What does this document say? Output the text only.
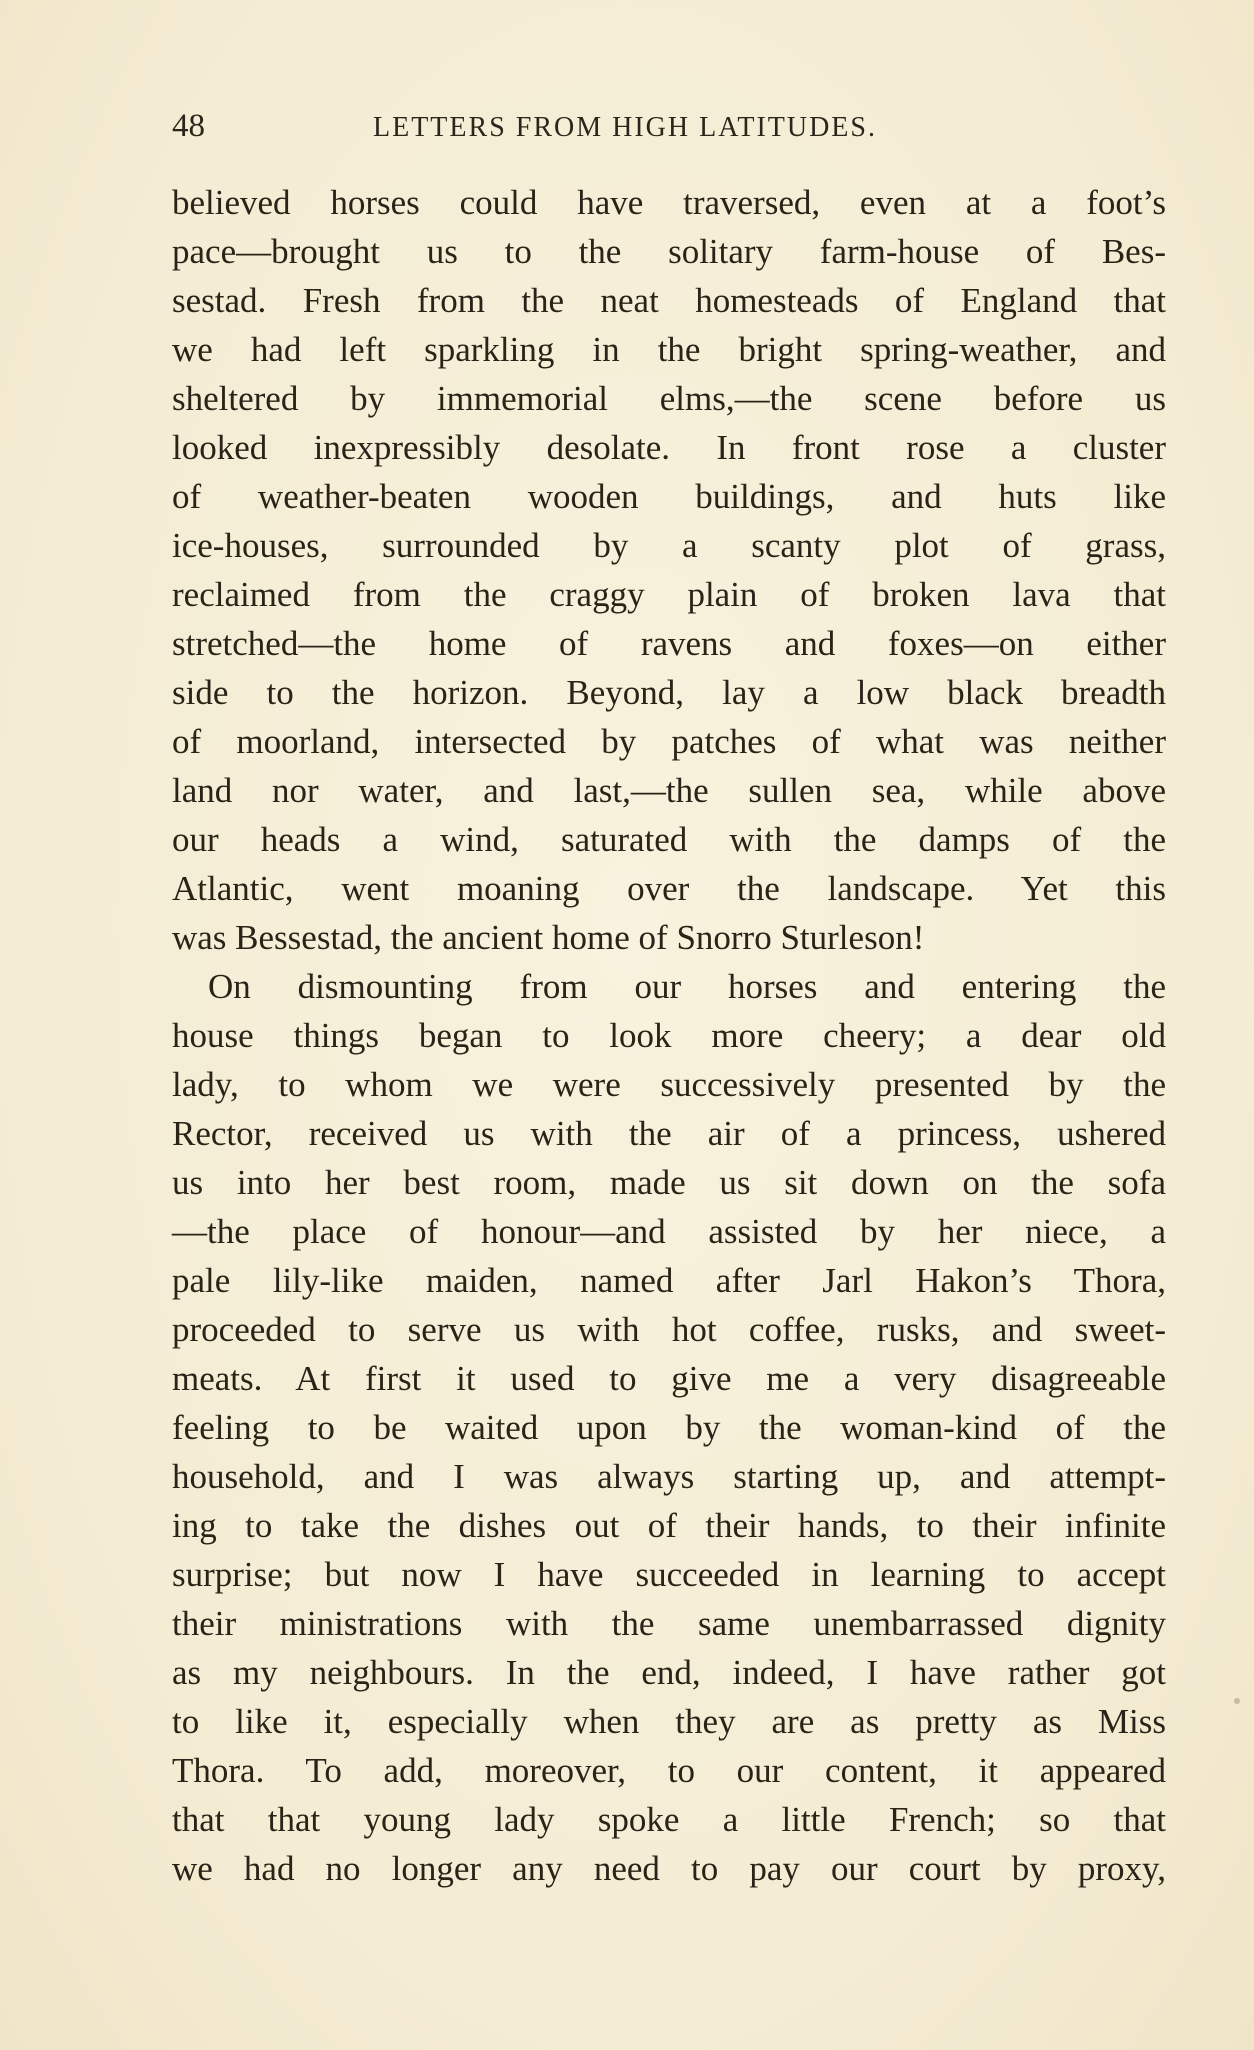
48	LETTERS FROM HIGH LATITUDES.
believed horses could have traversed, even at a foot’s
pace—brought us to the solitary farm-house of Bes-
sestad. Fresh from the neat homesteads of England that
we had left sparkling in the bright spring-weather, and
sheltered by immemorial elms,—the scene before us
looked inexpressibly desolate. In front rose a cluster
of weather-beaten wooden buildings, and huts like
ice-houses, surrounded by a scanty plot of grass,
reclaimed from the craggy plain of broken lava that
stretched—the home of ravens and foxes—on either
side to the horizon. Beyond, lay a low black breadth
of moorland, intersected by patches of what was neither
land nor water, and last,—the sullen sea, while above
our heads a wind, saturated with the damps of the
Atlantic, went moaning over the landscape. Yet this
was Bessestad, the ancient home of Snorro Sturleson!
On dismounting from our horses and entering the
house things began to look more cheery; a dear old
lady, to whom we were successively presented by the
Rector, received us with the air of a princess, ushered
us into her best room, made us sit down on the sofa
—the place of honour—and assisted by her niece, a
pale lily-like maiden, named after Jarl Hakon’s Thora,
proceeded to serve us with hot coffee, rusks, and sweet-
meats. At first it used to give me a very disagreeable
feeling to be waited upon by the woman-kind of the
household, and I was always starting up, and attempt-
ing to take the dishes out of their hands, to their infinite
surprise; but now I have succeeded in learning to accept
their ministrations with the same unembarrassed dignity
as my neighbours. In the end, indeed, I have rather got
to like it, especially when they are as pretty as Miss
Thora. To add, moreover, to our content, it appeared
that that young lady spoke a little French; so that
we had no longer any need to pay our court by proxy,
